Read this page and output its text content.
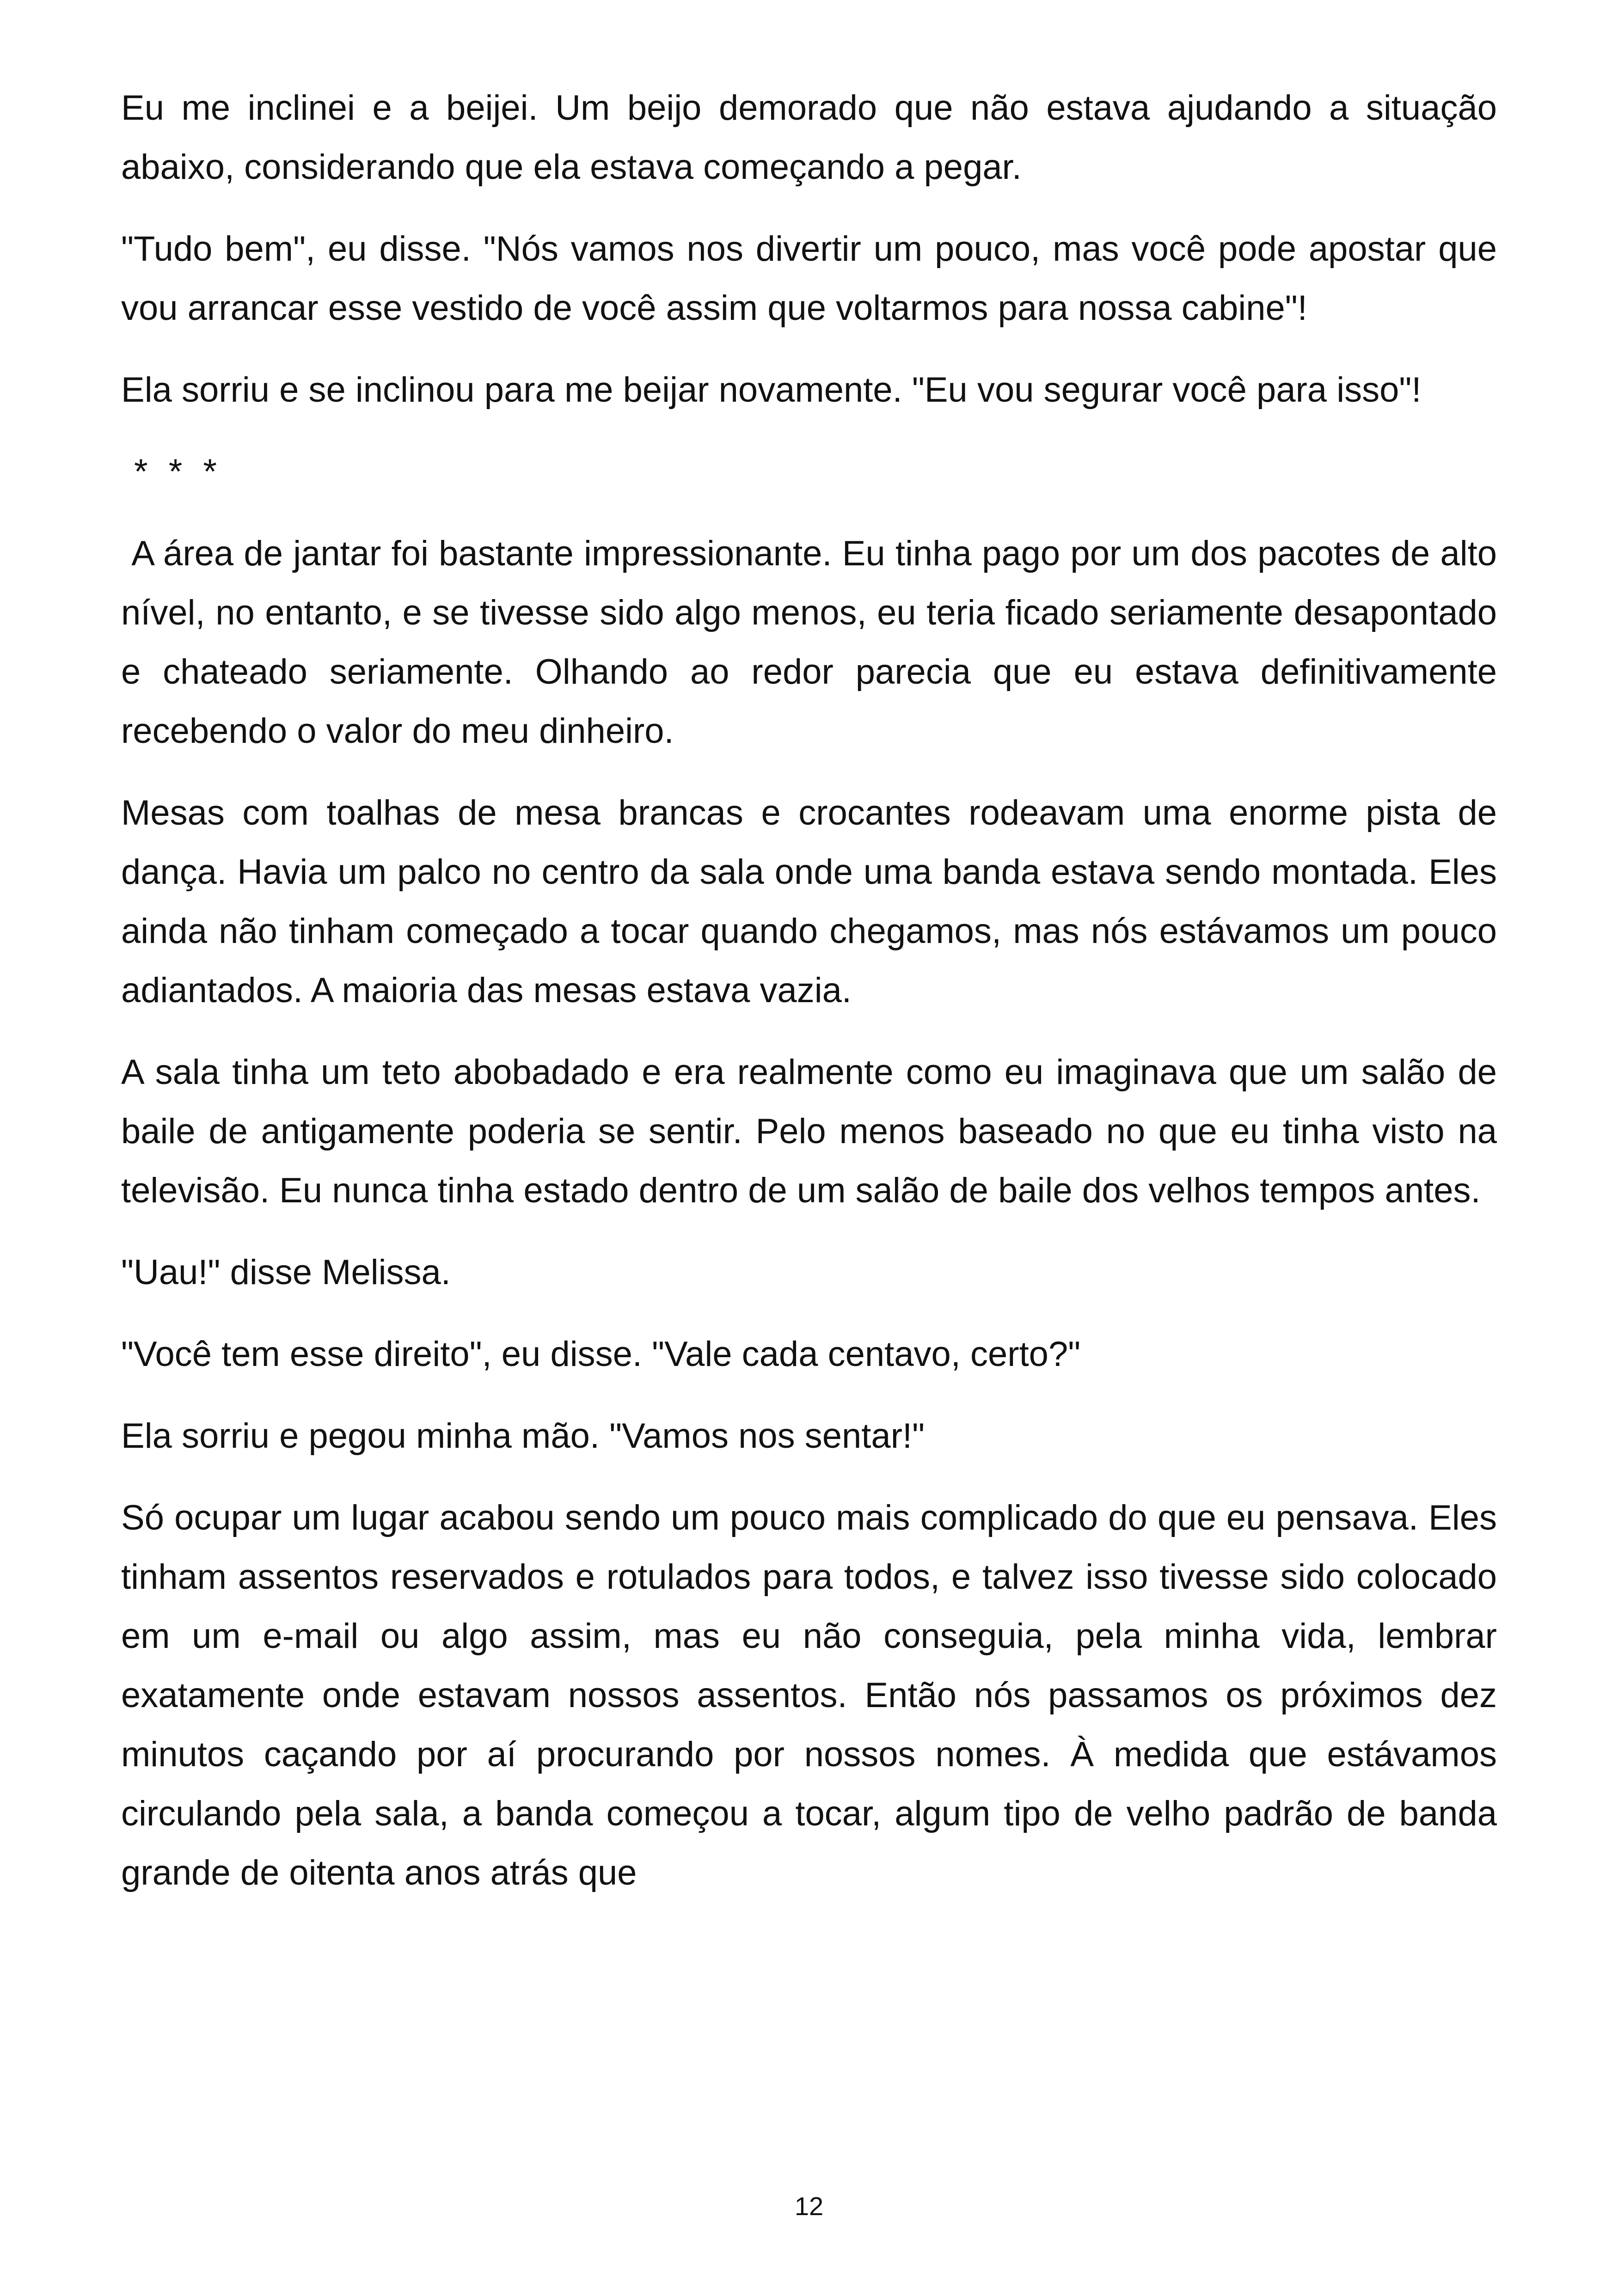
Eu me inclinei e a beijei. Um beijo demorado que não estava ajudando a situação abaixo, considerando que ela estava começando a pegar.

"Tudo bem", eu disse. "Nós vamos nos divertir um pouco, mas você pode apostar que vou arrancar esse vestido de você assim que voltarmos para nossa cabine"!

Ela sorriu e se inclinou para me beijar novamente. "Eu vou segurar você para isso"!

* * *

A área de jantar foi bastante impressionante. Eu tinha pago por um dos pacotes de alto nível, no entanto, e se tivesse sido algo menos, eu teria ficado seriamente desapontado e chateado seriamente. Olhando ao redor parecia que eu estava definitivamente recebendo o valor do meu dinheiro.

Mesas com toalhas de mesa brancas e crocantes rodeavam uma enorme pista de dança. Havia um palco no centro da sala onde uma banda estava sendo montada. Eles ainda não tinham começado a tocar quando chegamos, mas nós estávamos um pouco adiantados. A maioria das mesas estava vazia.

A sala tinha um teto abobadado e era realmente como eu imaginava que um salão de baile de antigamente poderia se sentir. Pelo menos baseado no que eu tinha visto na televisão. Eu nunca tinha estado dentro de um salão de baile dos velhos tempos antes.

"Uau!" disse Melissa.

"Você tem esse direito", eu disse. "Vale cada centavo, certo?"

Ela sorriu e pegou minha mão. "Vamos nos sentar!"

Só ocupar um lugar acabou sendo um pouco mais complicado do que eu pensava. Eles tinham assentos reservados e rotulados para todos, e talvez isso tivesse sido colocado em um e-mail ou algo assim, mas eu não conseguia, pela minha vida, lembrar exatamente onde estavam nossos assentos. Então nós passamos os próximos dez minutos caçando por aí procurando por nossos nomes. À medida que estávamos circulando pela sala, a banda começou a tocar, algum tipo de velho padrão de banda grande de oitenta anos atrás que

12
